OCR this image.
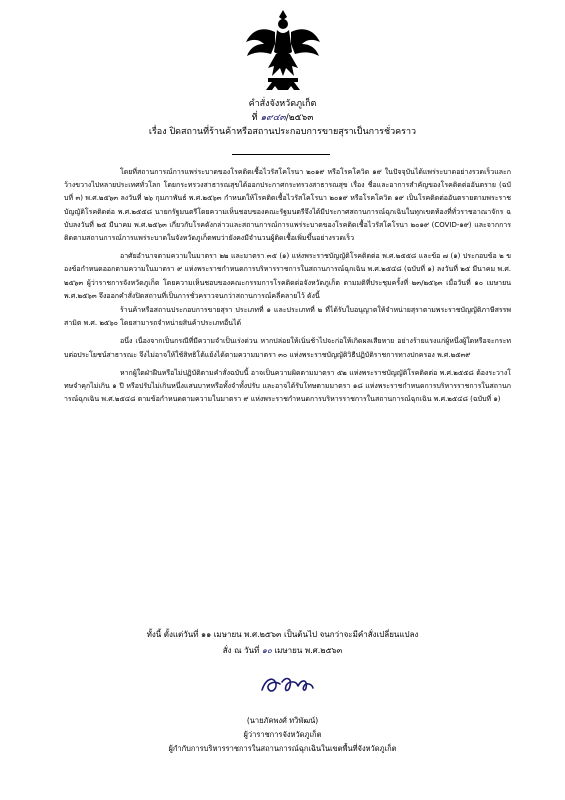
คำสั่งจังหวัดภูเก็ต
ที่ ๑๙๔๓/๒๕๖๓
เรื่อง ปิดสถานที่ร้านค้าหรือสถานประกอบการขายสุราเป็นการชั่วคราว

โดยที่สถานการณ์การแพร่ระบาดของโรคติดเชื้อไวรัสโคโรนา ๒๐๑๙ หรือโรคโควิด ๑๙ ในปัจจุบันได้แพร่ระบาดอย่างรวดเร็วและกว้างขวางไปหลายประเทศทั่วโลก โดยกระทรวงสาธารณสุขได้ออกประกาศกระทรวงสาธารณสุข เรื่อง ชื่อและอาการสำคัญของโรคติดต่ออันตราย (ฉบับที่ ๓) พ.ศ.๒๕๖๓ ลงวันที่ ๒๖ กุมภาพันธ์ พ.ศ.๒๕๖๓ กำหนดให้โรคติดเชื้อไวรัสโคโรนา ๒๐๑๙ หรือโรคโควิด ๑๙ เป็นโรคติดต่ออันตรายตามพระราชบัญญัติโรคติดต่อ พ.ศ.๒๕๕๘ นายกรัฐมนตรีโดยความเห็นชอบของคณะรัฐมนตรีจึงได้มีประกาศสถานการณ์ฉุกเฉินในทุกเขตท้องที่ทั่วราชอาณาจักร ฉบับลงวันที่ ๒๕ มีนาคม พ.ศ.๒๕๖๓ เกี่ยวกับโรคดังกล่าวและสถานการณ์การแพร่ระบาดของโรคติดเชื้อไวรัสโคโรนา ๒๐๑๙ (COVID-๑๙) และจากการติดตามสถานการณ์การแพร่ระบาดในจังหวัดภูเก็ตพบว่ายังคงมีจำนวนผู้ติดเชื้อเพิ่มขึ้นอย่างรวดเร็ว

อาศัยอำนาจตามความในมาตรา ๒๒ และมาตรา ๓๕ (๑) แห่งพระราชบัญญัติโรคติดต่อ พ.ศ.๒๕๕๘ และข้อ ๗ (๑) ประกอบข้อ ๒ ของข้อกำหนดออกตามความในมาตรา ๙ แห่งพระราชกำหนดการบริหารราชการในสถานการณ์ฉุกเฉิน พ.ศ.๒๕๔๘ (ฉบับที่ ๑) ลงวันที่ ๒๕ มีนาคม พ.ศ.๒๕๖๓ ผู้ว่าราชการจังหวัดภูเก็ต โดยความเห็นชอบของคณะกรรมการโรคติดต่อจังหวัดภูเก็ต ตามมติที่ประชุมครั้งที่ ๒๓/๒๕๖๓ เมื่อวันที่ ๑๐ เมษายน พ.ศ.๒๕๖๓ จึงออกคำสั่งปิดสถานที่เป็นการชั่วคราวจนกว่าสถานการณ์คลี่คลายไว้ ดังนี้

ร้านค้าหรือสถานประกอบการขายสุรา ประเภทที่ ๑ และประเภทที่ ๒ ที่ได้รับใบอนุญาตให้จำหน่ายสุราตามพระราชบัญญัติภาษีสรรพสามิต พ.ศ. ๒๕๖๐ โดยสามารถจำหน่ายสินค้าประเภทอื่นได้

อนึ่ง เนื่องจากเป็นกรณีที่มีความจำเป็นเร่งด่วน หากปล่อยให้เนิ่นช้าไปจะก่อให้เกิดผลเสียหาย อย่างร้ายแรงแก่ผู้หนึ่งผู้ใดหรือจะกระทบต่อประโยชน์สาธารณะ จึงไม่อาจให้ใช้สิทธิโต้แย้งได้ตามความมาตรา ๓๐ แห่งพระราชบัญญัติวิธีปฏิบัติราชการทางปกครอง พ.ศ.๒๕๓๙

หากผู้ใดฝ่าฝืนหรือไม่ปฏิบัติตามคำสั่งฉบับนี้ อาจเป็นความผิดตามมาตรา ๕๒ แห่งพระราชบัญญัติโรคติดต่อ พ.ศ.๒๕๕๘ ต้องระวางโทษจำคุกไม่เกิน ๑ ปี หรือปรับไม่เกินหนึ่งแสนบาทหรือทั้งจำทั้งปรับ และอาจได้รับโทษตามมาตรา ๑๘ แห่งพระราชกำหนดการบริหารราชการในสถานการณ์ฉุกเฉิน พ.ศ.๒๕๔๘ ตามข้อกำหนดตามความในมาตรา ๙ แห่งพระราชกำหนดการบริหารราชการในสถานการณ์ฉุกเฉิน พ.ศ.๒๕๔๘ (ฉบับที่ ๑)

ทั้งนี้ ตั้งแต่วันที่ ๑๑ เมษายน พ.ศ.๒๕๖๓ เป็นต้นไป จนกว่าจะมีคำสั่งเปลี่ยนแปลง
สั่ง ณ วันที่ ๑๐ เมษายน พ.ศ.๒๕๖๓
(นายภัคพงศ์ ทวิพัฒน์)
ผู้ว่าราชการจังหวัดภูเก็ต
ผู้กำกับการบริหารราชการในสถานการณ์ฉุกเฉินในเขตพื้นที่จังหวัดภูเก็ต
